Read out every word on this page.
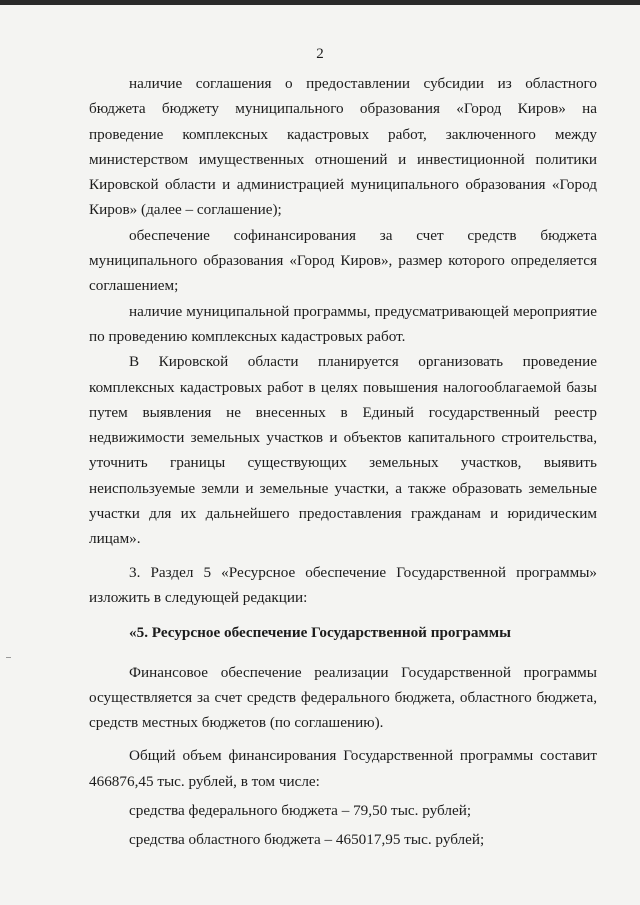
2

наличие соглашения о предоставлении субсидии из областного бюджета бюджету муниципального образования «Город Киров» на проведение комплексных кадастровых работ, заключенного между министерством имущественных отношений и инвестиционной политики Кировской области и администрацией муниципального образования «Город Киров» (далее – соглашение);

обеспечение софинансирования за счет средств бюджета муниципального образования «Город Киров», размер которого определяется соглашением;

наличие муниципальной программы, предусматривающей мероприятие по проведению комплексных кадастровых работ.

В Кировской области планируется организовать проведение комплексных кадастровых работ в целях повышения налогооблагаемой базы путем выявления не внесенных в Единый государственный реестр недвижимости земельных участков и объектов капитального строительства, уточнить границы существующих земельных участков, выявить неиспользуемые земли и земельные участки, а также образовать земельные участки для их дальнейшего предоставления гражданам и юридическим лицам».

3. Раздел 5 «Ресурсное обеспечение Государственной программы» изложить в следующей редакции:

«5. Ресурсное обеспечение Государственной программы

Финансовое обеспечение реализации Государственной программы осуществляется за счет средств федерального бюджета, областного бюджета, средств местных бюджетов (по соглашению).

Общий объем финансирования Государственной программы составит 466876,45 тыс. рублей, в том числе:

средства федерального бюджета – 79,50 тыс. рублей;

средства областного бюджета – 465017,95 тыс. рублей;
